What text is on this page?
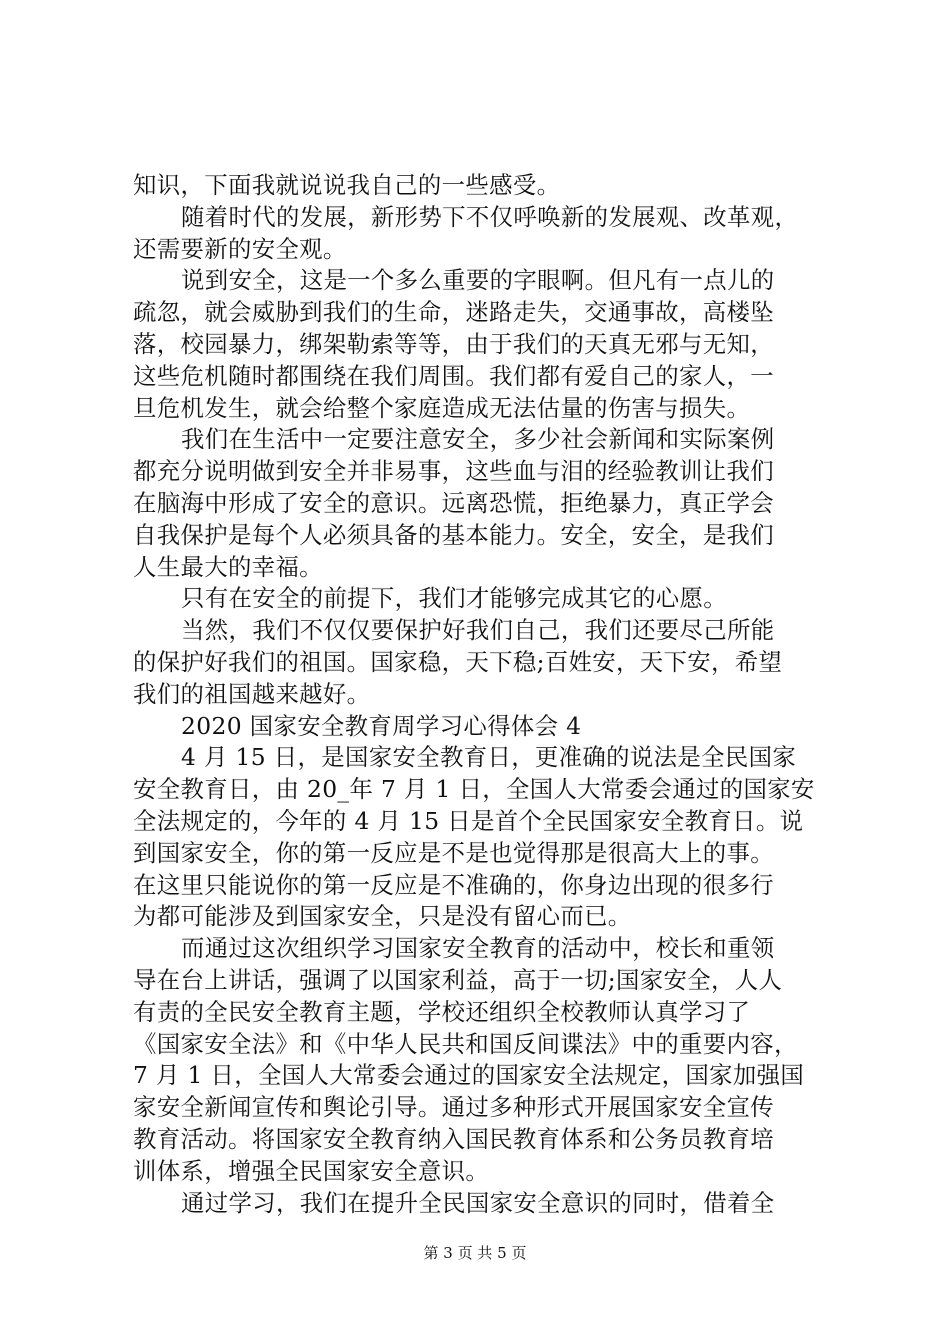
知识，下面我就说说我自己的一些感受。
随着时代的发展，新形势下不仅呼唤新的发展观、改革观，
还需要新的安全观。
说到安全，这是一个多么重要的字眼啊。但凡有一点儿的
疏忽，就会威胁到我们的生命，迷路走失，交通事故，高楼坠
落，校园暴力，绑架勒索等等，由于我们的天真无邪与无知，
这些危机随时都围绕在我们周围。我们都有爱自己的家人，一
旦危机发生，就会给整个家庭造成无法估量的伤害与损失。
我们在生活中一定要注意安全，多少社会新闻和实际案例
都充分说明做到安全并非易事，这些血与泪的经验教训让我们
在脑海中形成了安全的意识。远离恐慌，拒绝暴力，真正学会
自我保护是每个人必须具备的基本能力。安全，安全，是我们
人生最大的幸福。
只有在安全的前提下，我们才能够完成其它的心愿。
当然，我们不仅仅要保护好我们自己，我们还要尽己所能
的保护好我们的祖国。国家稳，天下稳;百姓安，天下安，希望
我们的祖国越来越好。
2020 国家安全教育周学习心得体会 4
4 月 15 日，是国家安全教育日，更准确的说法是全民国家
安全教育日，由 20_年 7 月 1 日，全国人大常委会通过的国家安
全法规定的，今年的 4 月 15 日是首个全民国家安全教育日。说
到国家安全，你的第一反应是不是也觉得那是很高大上的事。
在这里只能说你的第一反应是不准确的，你身边出现的很多行
为都可能涉及到国家安全，只是没有留心而已。
而通过这次组织学习国家安全教育的活动中，校长和重领
导在台上讲话，强调了以国家利益，高于一切;国家安全，人人
有责的全民安全教育主题，学校还组织全校教师认真学习了
《国家安全法》和《中华人民共和国反间谍法》中的重要内容，
7 月 1 日，全国人大常委会通过的国家安全法规定，国家加强国
家安全新闻宣传和舆论引导。通过多种形式开展国家安全宣传
教育活动。将国家安全教育纳入国民教育体系和公务员教育培
训体系，增强全民国家安全意识。
通过学习，我们在提升全民国家安全意识的同时，借着全
第 3 页 共 5 页
